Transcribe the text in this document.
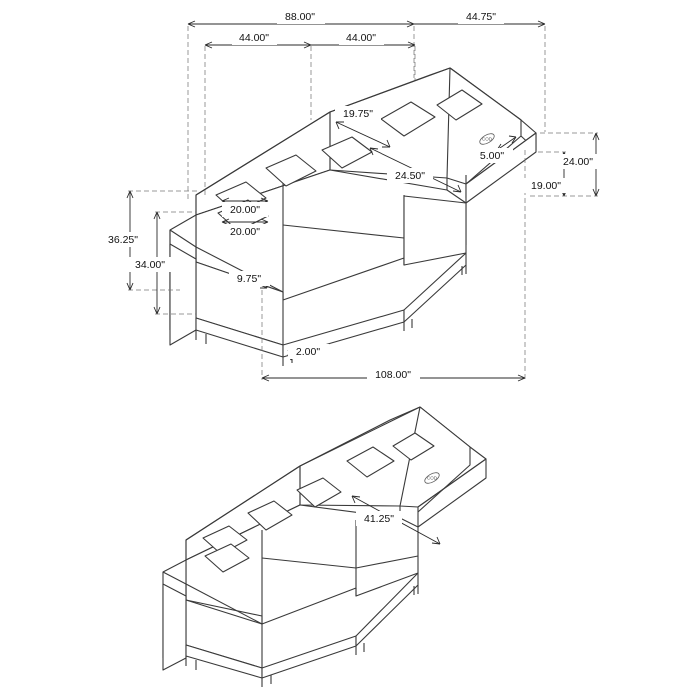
COD
COD
88.00"	44.75"
44.00"	44.00"
19.75"
5.00"
24.50"
24.00"
19.00"
20.00"
20.00"
36.25"
34.00"
9.75"
2.00"
108.00"
41.25"
